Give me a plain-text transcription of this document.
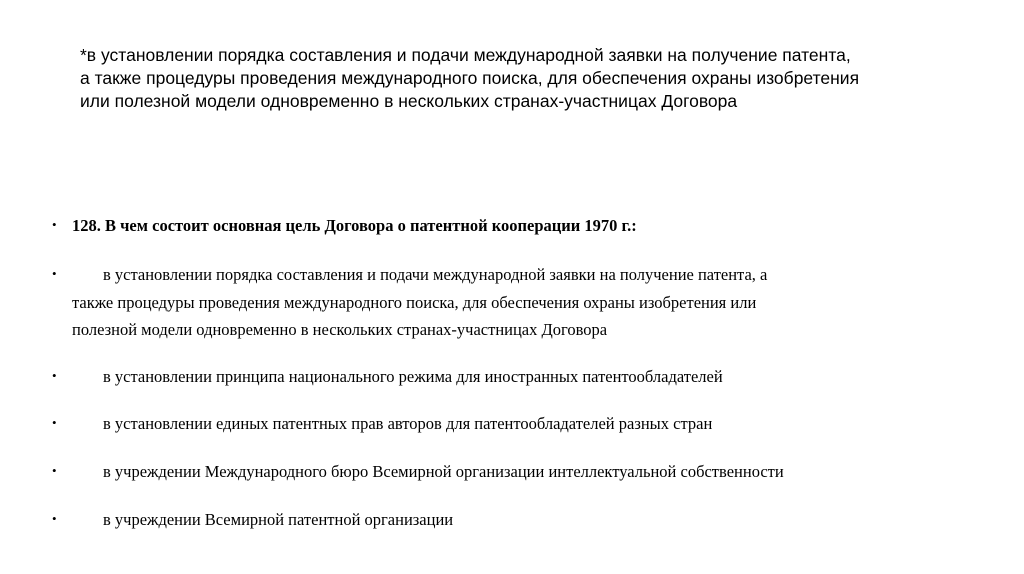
*в установлении порядка составления и подачи международной заявки на получение патента,
а также процедуры проведения международного поиска, для обеспечения охраны изобретения
или полезной модели одновременно в нескольких странах-участницах Договора
• 128. В чем состоит основная цель Договора о патентной кооперации 1970 г.:
•	в установлении порядка составления и подачи международной заявки на получение патента, а
также процедуры проведения международного поиска, для обеспечения охраны изобретения или
полезной модели одновременно в нескольких странах-участницах Договора
•	в установлении принципа национального режима для иностранных патентообладателей
•	в установлении единых патентных прав авторов для патентообладателей разных стран
•	в учреждении Международного бюро Всемирной организации интеллектуальной собственности
•	в учреждении Всемирной патентной организации
